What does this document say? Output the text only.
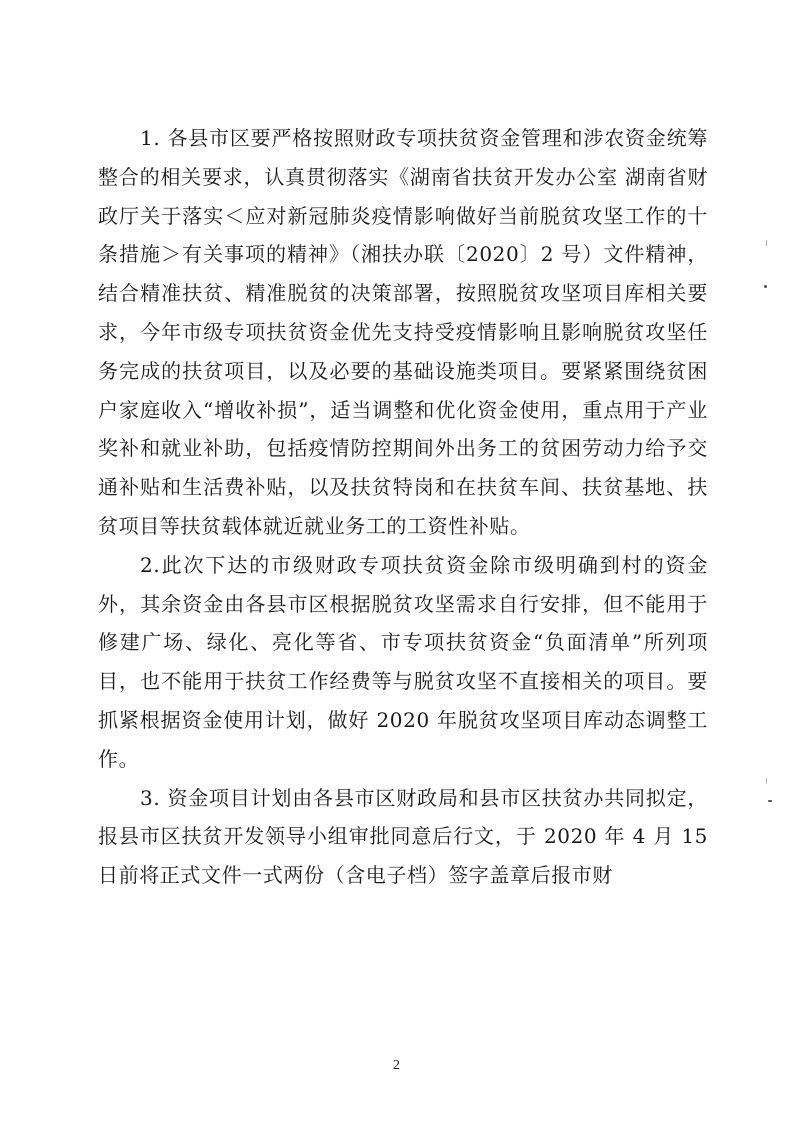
1. 各县市区要严格按照财政专项扶贫资金管理和涉农资金统筹整合的相关要求，认真贯彻落实《湖南省扶贫开发办公室 湖南省财政厅关于落实＜应对新冠肺炎疫情影响做好当前脱贫攻坚工作的十条措施＞有关事项的精神》（湘扶办联〔2020〕2 号）文件精神，结合精准扶贫、精准脱贫的决策部署，按照脱贫攻坚项目库相关要求，今年市级专项扶贫资金优先支持受疫情影响且影响脱贫攻坚任务完成的扶贫项目，以及必要的基础设施类项目。要紧紧围绕贫困户家庭收入“增收补损”，适当调整和优化资金使用，重点用于产业奖补和就业补助，包括疫情防控期间外出务工的贫困劳动力给予交通补贴和生活费补贴，以及扶贫特岗和在扶贫车间、扶贫基地、扶贫项目等扶贫载体就近就业务工的工资性补贴。

2.此次下达的市级财政专项扶贫资金除市级明确到村的资金外，其余资金由各县市区根据脱贫攻坚需求自行安排，但不能用于修建广场、绿化、亮化等省、市专项扶贫资金“负面清单”所列项目，也不能用于扶贫工作经费等与脱贫攻坚不直接相关的项目。要抓紧根据资金使用计划，做好 2020 年脱贫攻坚项目库动态调整工作。

3. 资金项目计划由各县市区财政局和县市区扶贫办共同拟定，报县市区扶贫开发领导小组审批同意后行文，于 2020 年 4 月 15 日前将正式文件一式两份（含电子档）签字盖章后报市财

2
